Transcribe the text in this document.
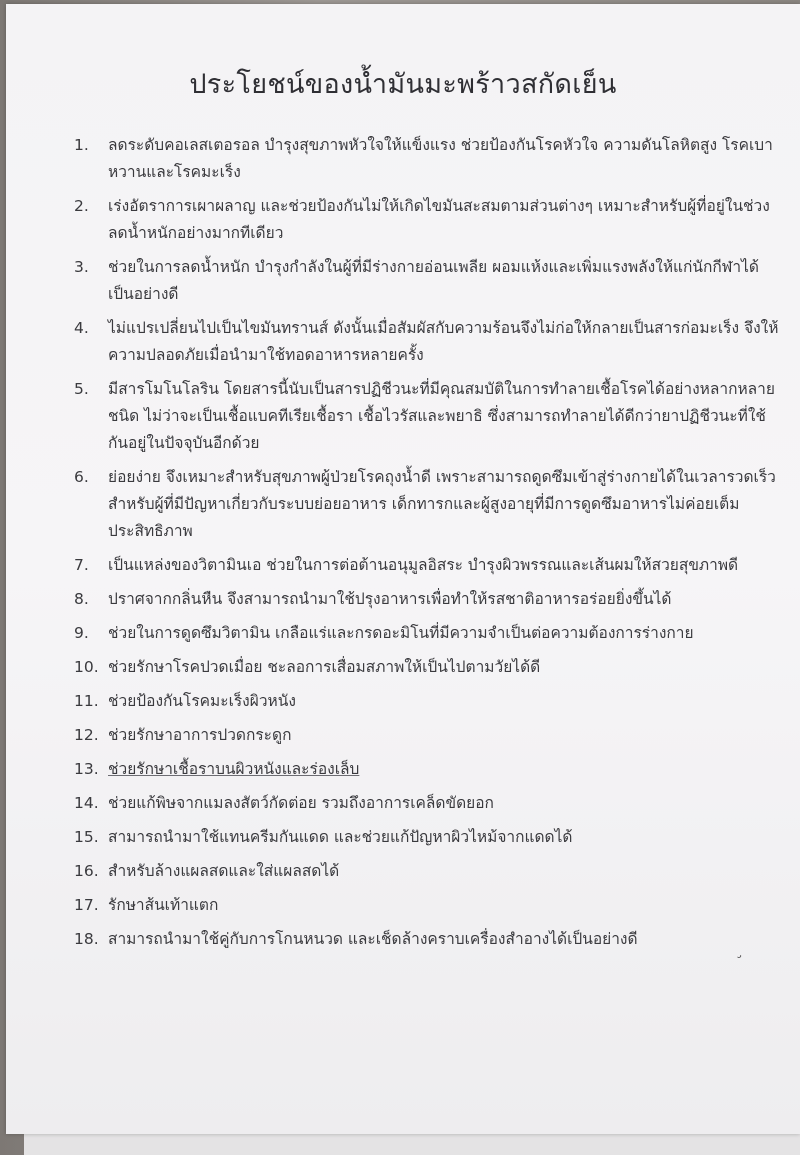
ประโยชน์ของน้ำมันมะพร้าวสกัดเย็น
1. ลดระดับคอเลสเตอรอล บำรุงสุขภาพหัวใจให้แข็งแรง ช่วยป้องกันโรคหัวใจ ความดันโลหิตสูง โรคเบาหวานและโรคมะเร็ง
2. เร่งอัตราการเผาผลาญ และช่วยป้องกันไม่ให้เกิดไขมันสะสมตามส่วนต่างๆ เหมาะสำหรับผู้ที่อยู่ในช่วงลดน้ำหนักอย่างมากทีเดียว
3. ช่วยในการลดน้ำหนัก บำรุงกำลังในผู้ที่มีร่างกายอ่อนเพลีย ผอมแห้งและเพิ่มแรงพลังให้แก่นักกีฬาได้เป็นอย่างดี
4. ไม่แปรเปลี่ยนไปเป็นไขมันทรานส์ ดังนั้นเมื่อสัมผัสกับความร้อนจึงไม่ก่อให้กลายเป็นสารก่อมะเร็ง จึงให้ความปลอดภัยเมื่อนำมาใช้ทอดอาหารหลายครั้ง
5. มีสารโมโนโลริน โดยสารนี้นับเป็นสารปฏิชีวนะที่มีคุณสมบัติในการทำลายเชื้อโรคได้อย่างหลากหลายชนิด ไม่ว่าจะเป็นเชื้อแบคทีเรียเชื้อรา เชื้อไวรัสและพยาธิ ซึ่งสามารถทำลายได้ดีกว่ายาปฏิชีวนะที่ใช้กันอยู่ในปัจจุบันอีกด้วย
6. ย่อยง่าย จึงเหมาะสำหรับสุขภาพผู้ป่วยโรคถุงน้ำดี เพราะสามารถดูดซึมเข้าสู่ร่างกายได้ในเวลารวดเร็ว สำหรับผู้ที่มีปัญหาเกี่ยวกับระบบย่อยอาหาร เด็กทารกและผู้สูงอายุที่มีการดูดซึมอาหารไม่ค่อยเต็มประสิทธิภาพ
7. เป็นแหล่งของวิตามินเอ ช่วยในการต่อต้านอนุมูลอิสระ บำรุงผิวพรรณและเส้นผมให้สวยสุขภาพดี
8. ปราศจากกลิ่นหืน จึงสามารถนำมาใช้ปรุงอาหารเพื่อทำให้รสชาติอาหารอร่อยยิ่งขึ้นได้
9. ช่วยในการดูดซึมวิตามิน เกลือแร่และกรดอะมิโนที่มีความจำเป็นต่อความต้องการร่างกาย
10. ช่วยรักษาโรคปวดเมื่อย ชะลอการเสื่อมสภาพให้เป็นไปตามวัยได้ดี
11. ช่วยป้องกันโรคมะเร็งผิวหนัง
12. ช่วยรักษาอาการปวดกระดูก
13. ช่วยรักษาเชื้อราบนผิวหนังและร่องเล็บ
14. ช่วยแก้พิษจากแมลงสัตว์กัดต่อย รวมถึงอาการเคล็ดขัดยอก
15. สามารถนำมาใช้แทนครีมกันแดด และช่วยแก้ปัญหาผิวไหม้จากแดดได้
16. สำหรับล้างแผลสดและใส่แผลสดได้
17. รักษาส้นเท้าแตก
18. สามารถนำมาใช้คู่กับการโกนหนวด และเช็ดล้างคราบเครื่องสำอางได้เป็นอย่างดี
˘
